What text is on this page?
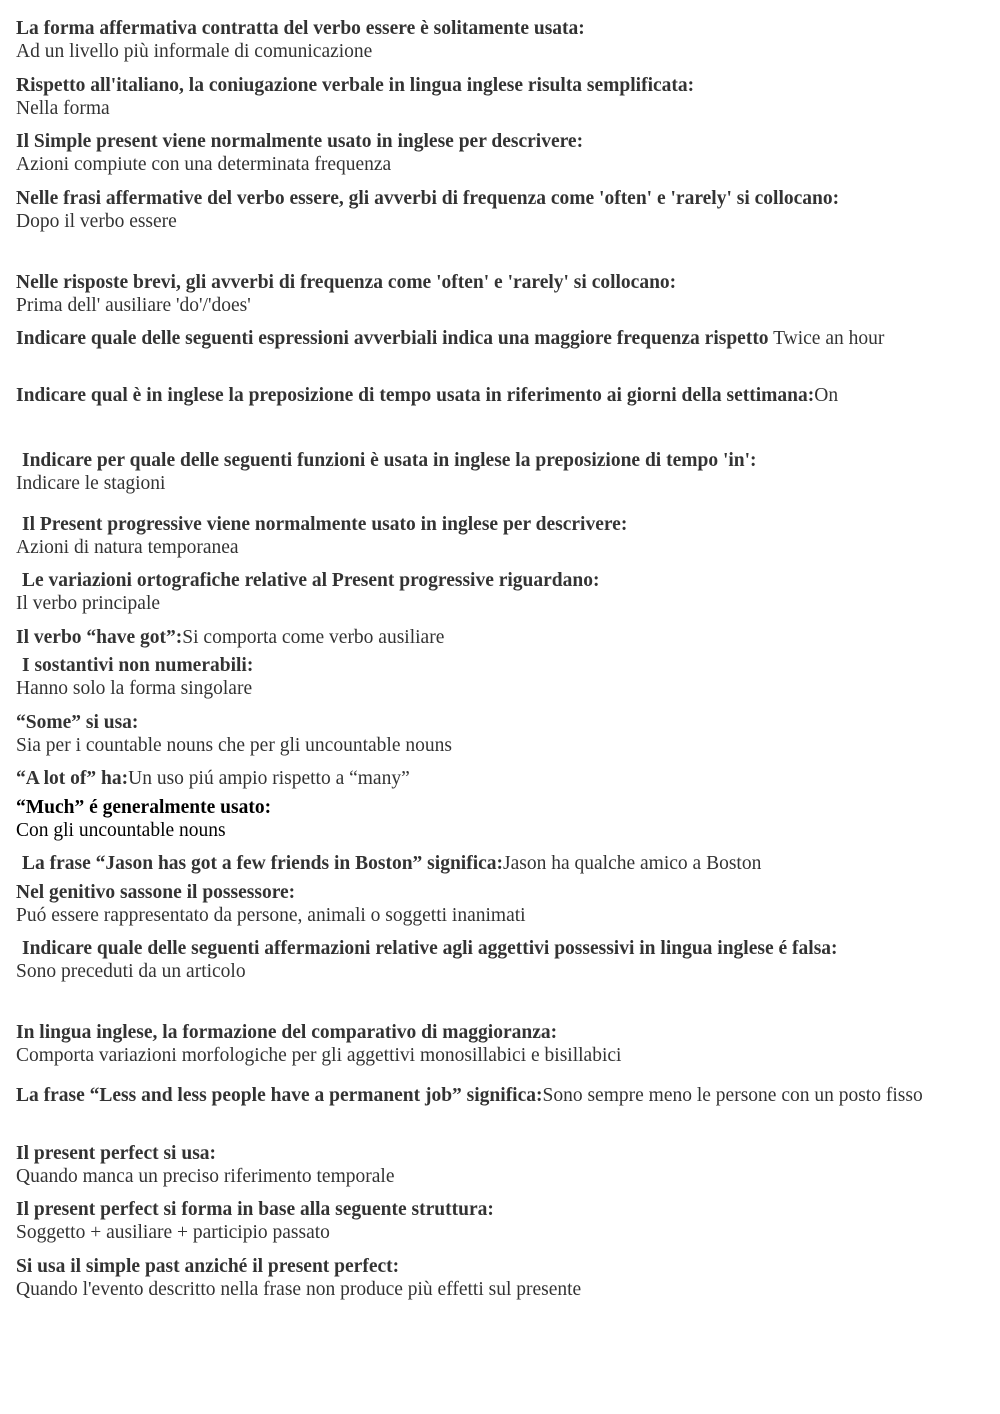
La forma affermativa contratta del verbo essere è solitamente usata:
Ad un livello più informale di comunicazione
Rispetto all'italiano, la coniugazione verbale in lingua inglese risulta semplificata:
Nella forma
Il Simple present viene normalmente usato in inglese per descrivere:
Azioni compiute con una determinata frequenza
Nelle frasi affermative del verbo essere, gli avverbi di frequenza come 'often' e 'rarely' si collocano:
Dopo il verbo essere
Nelle risposte brevi, gli avverbi di frequenza come 'often' e 'rarely' si collocano:
Prima dell' ausiliare 'do'/'does'
Indicare quale delle seguenti espressioni avverbiali indica una maggiore frequenza rispetto Twice an hour
Indicare qual è in inglese la preposizione di tempo usata in riferimento ai giorni della settimana:On
Indicare per quale delle seguenti funzioni è usata in inglese la preposizione di tempo 'in':
Indicare le stagioni
Il Present progressive viene normalmente usato in inglese per descrivere:
Azioni di natura temporanea
Le variazioni ortografiche relative al Present progressive riguardano:
Il verbo principale
Il verbo “have got”:Si comporta come verbo ausiliare
I sostantivi non numerabili:
Hanno solo la forma singolare
“Some” si usa:
Sia per i countable nouns che per gli uncountable nouns
“A lot of” ha:Un uso piú ampio rispetto a “many”
“Much” é generalmente usato:
Con gli uncountable nouns
La frase “Jason has got a few friends in Boston” significa:Jason ha qualche amico a Boston
Nel genitivo sassone il possessore:
Puó essere rappresentato da persone, animali o soggetti inanimati
Indicare quale delle seguenti affermazioni relative agli aggettivi possessivi in lingua inglese é falsa:
Sono preceduti da un articolo
In lingua inglese, la formazione del comparativo di maggioranza:
Comporta variazioni morfologiche per gli aggettivi monosillabici e bisillabici
La frase “Less and less people have a permanent job” significa:Sono sempre meno le persone con un posto fisso
Il present perfect si usa:
Quando manca un preciso riferimento temporale
Il present perfect si forma in base alla seguente struttura:
Soggetto + ausiliare + participio passato
Si usa il simple past anziché il present perfect:
Quando l'evento descritto nella frase non produce più effetti sul presente
